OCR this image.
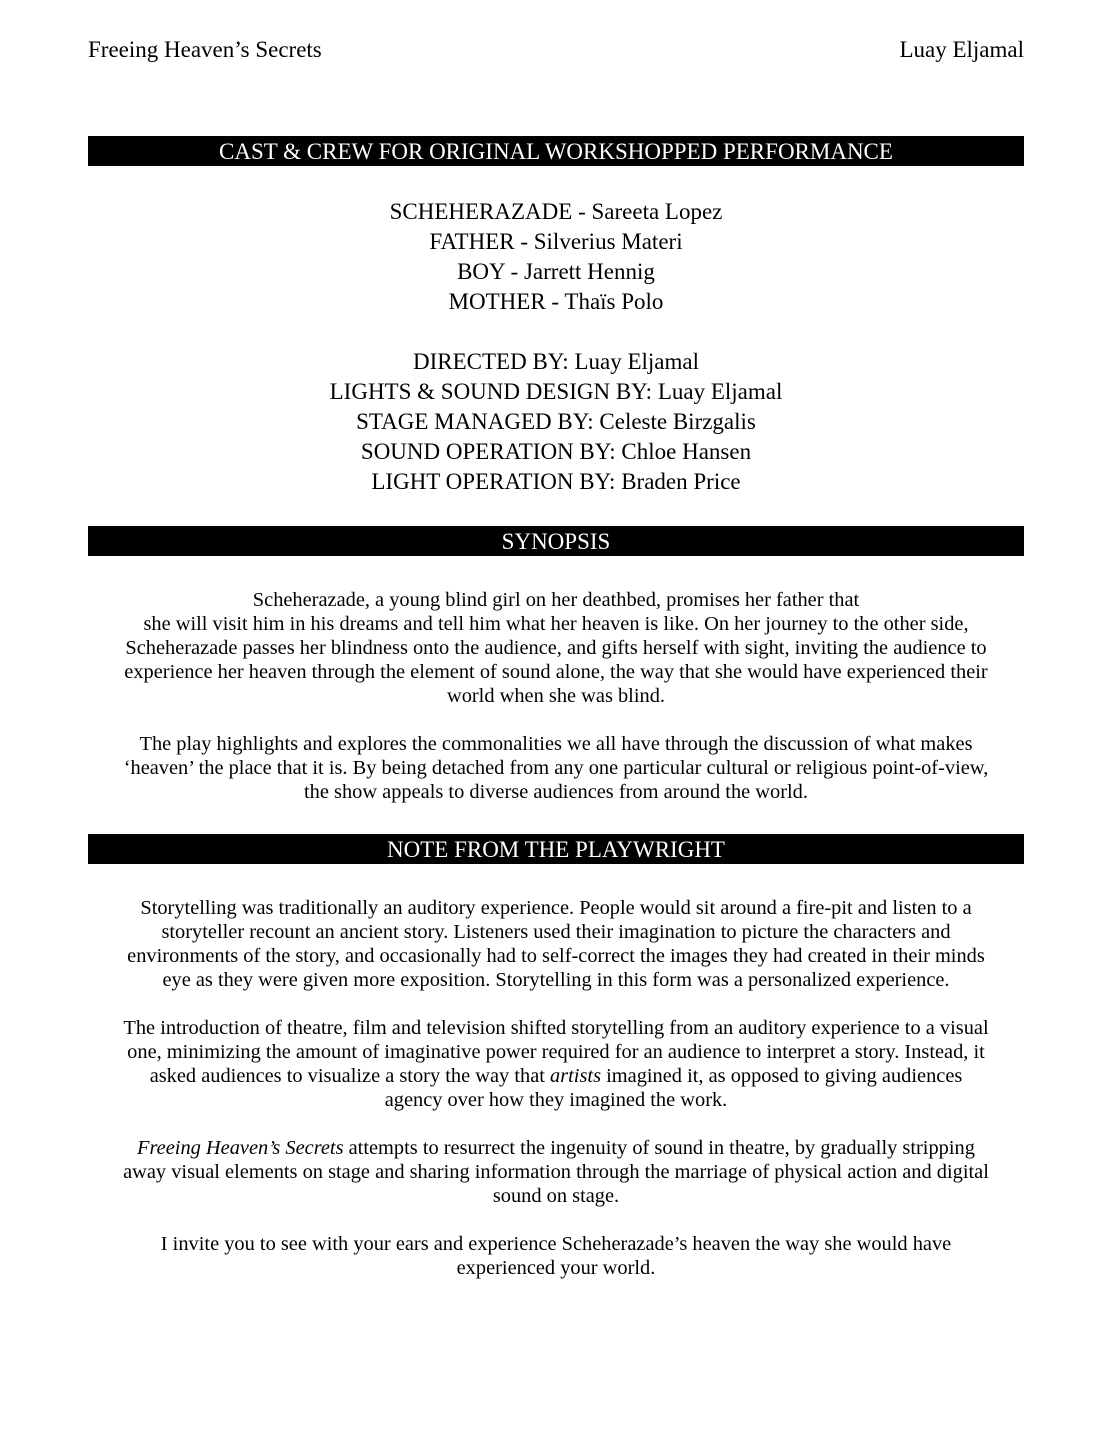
Freeing Heaven’s Secrets	Luay Eljamal
CAST & CREW FOR ORIGINAL WORKSHOPPED PERFORMANCE
SCHEHERAZADE - Sareeta Lopez
FATHER - Silverius Materi
BOY - Jarrett Hennig
MOTHER - Thaïs Polo
DIRECTED BY: Luay Eljamal
LIGHTS & SOUND DESIGN BY: Luay Eljamal
STAGE MANAGED BY: Celeste Birzgalis
SOUND OPERATION BY: Chloe Hansen
LIGHT OPERATION BY: Braden Price
SYNOPSIS

Scheherazade, a young blind girl on her deathbed, promises her father that
she will visit him in his dreams and tell him what her heaven is like. On her journey to the other side,
Scheherazade passes her blindness onto the audience, and gifts herself with sight, inviting the audience to
experience her heaven through the element of sound alone, the way that she would have experienced their
world when she was blind.

The play highlights and explores the commonalities we all have through the discussion of what makes
‘heaven’ the place that it is. By being detached from any one particular cultural or religious point-of-view,
the show appeals to diverse audiences from around the world.

NOTE FROM THE PLAYWRIGHT

Storytelling was traditionally an auditory experience. People would sit around a fire-pit and listen to a
storyteller recount an ancient story. Listeners used their imagination to picture the characters and
environments of the story, and occasionally had to self-correct the images they had created in their minds
eye as they were given more exposition. Storytelling in this form was a personalized experience.

The introduction of theatre, film and television shifted storytelling from an auditory experience to a visual
one, minimizing the amount of imaginative power required for an audience to interpret a story. Instead, it
asked audiences to visualize a story the way that artists imagined it, as opposed to giving audiences
agency over how they imagined the work.

Freeing Heaven’s Secrets attempts to resurrect the ingenuity of sound in theatre, by gradually stripping
away visual elements on stage and sharing information through the marriage of physical action and digital
sound on stage.

I invite you to see with your ears and experience Scheherazade’s heaven the way she would have
experienced your world.
